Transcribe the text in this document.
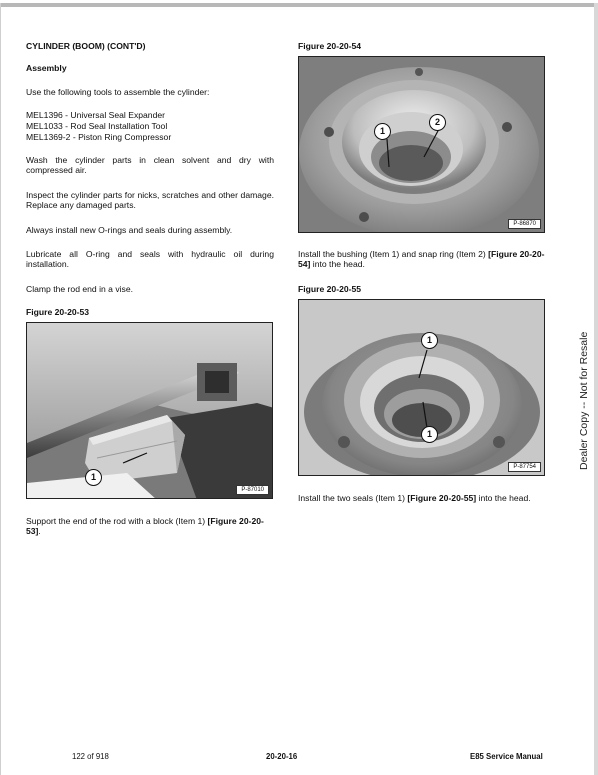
CYLINDER (BOOM) (CONT'D)
Assembly
Use the following tools to assemble the cylinder:
MEL1396 - Universal Seal Expander
MEL1033 - Rod Seal Installation Tool
MEL1369-2 - Piston Ring Compressor
Wash the cylinder parts in clean solvent and dry with compressed air.
Inspect the cylinder parts for nicks, scratches and other damage. Replace any damaged parts.
Always install new O-rings and seals during assembly.
Lubricate all O-ring and seals with hydraulic oil during installation.
Clamp the rod end in a vise.
Figure 20-20-53
1
P-87010
Support the end of the rod with a block (Item 1) [Figure 20-20-53].
Figure 20-20-54
1
2
P-86870
Install the bushing (Item 1) and snap ring (Item 2) [Figure 20-20-54] into the head.
Figure 20-20-55
1
1
P-87754
Install the two seals (Item 1) [Figure 20-20-55] into the head.
Dealer Copy -- Not for Resale
122 of 918	20-20-16	E85 Service Manual
